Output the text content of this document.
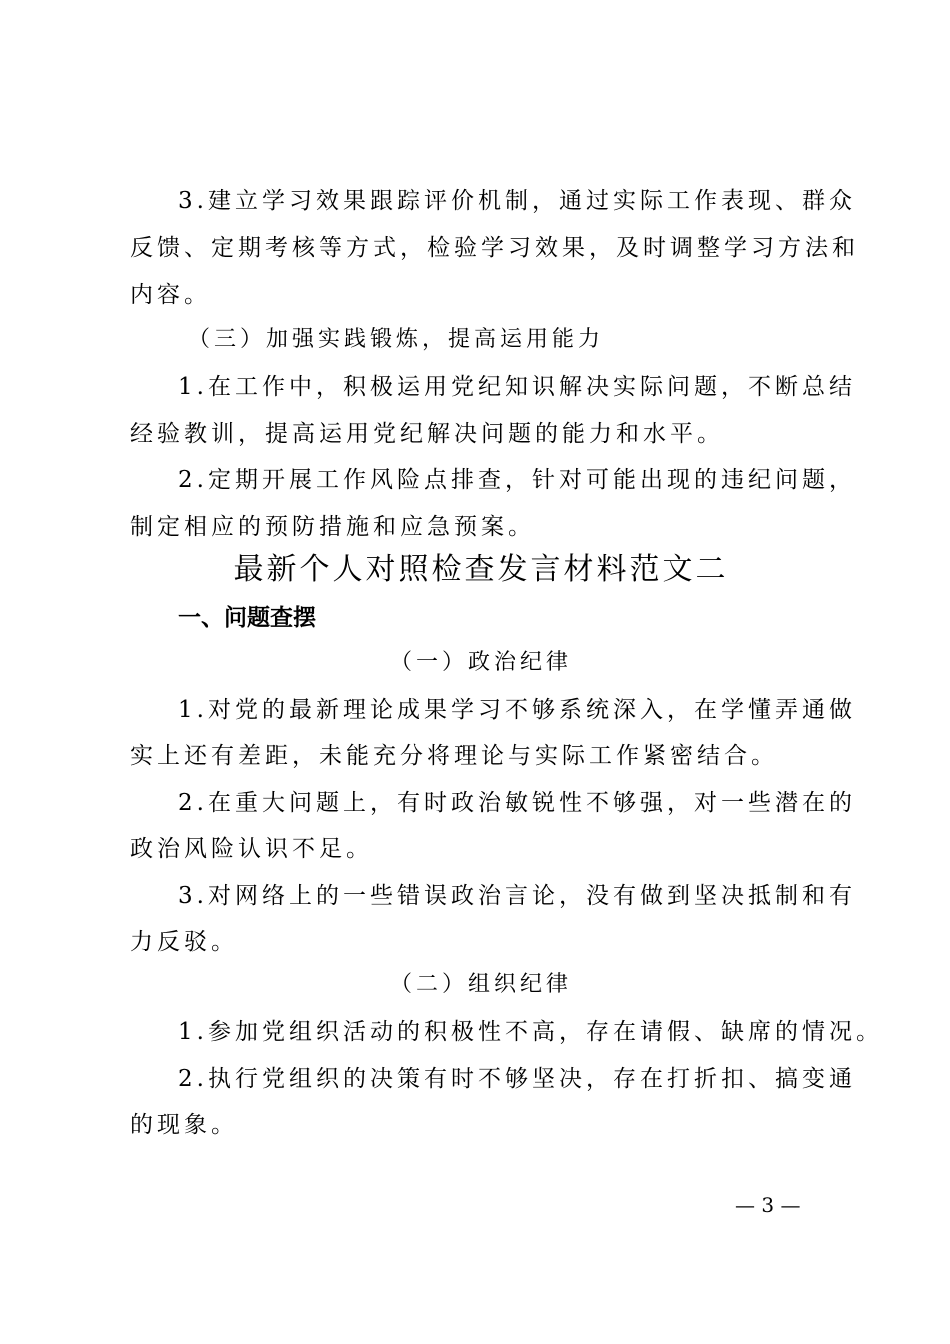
3.建立学习效果跟踪评价机制，通过实际工作表现、群众
反馈、定期考核等方式，检验学习效果，及时调整学习方法和
内容。
（三）加强实践锻炼，提高运用能力
1.在工作中，积极运用党纪知识解决实际问题，不断总结
经验教训，提高运用党纪解决问题的能力和水平。
2.定期开展工作风险点排查，针对可能出现的违纪问题，
制定相应的预防措施和应急预案。
最新个人对照检查发言材料范文二
一、问题查摆
（一）政治纪律
1.对党的最新理论成果学习不够系统深入，在学懂弄通做
实上还有差距，未能充分将理论与实际工作紧密结合。
2.在重大问题上，有时政治敏锐性不够强，对一些潜在的
政治风险认识不足。
3.对网络上的一些错误政治言论，没有做到坚决抵制和有
力反驳。
（二）组织纪律
1.参加党组织活动的积极性不高，存在请假、缺席的情况。
2.执行党组织的决策有时不够坚决，存在打折扣、搞变通
的现象。
— 3 —
